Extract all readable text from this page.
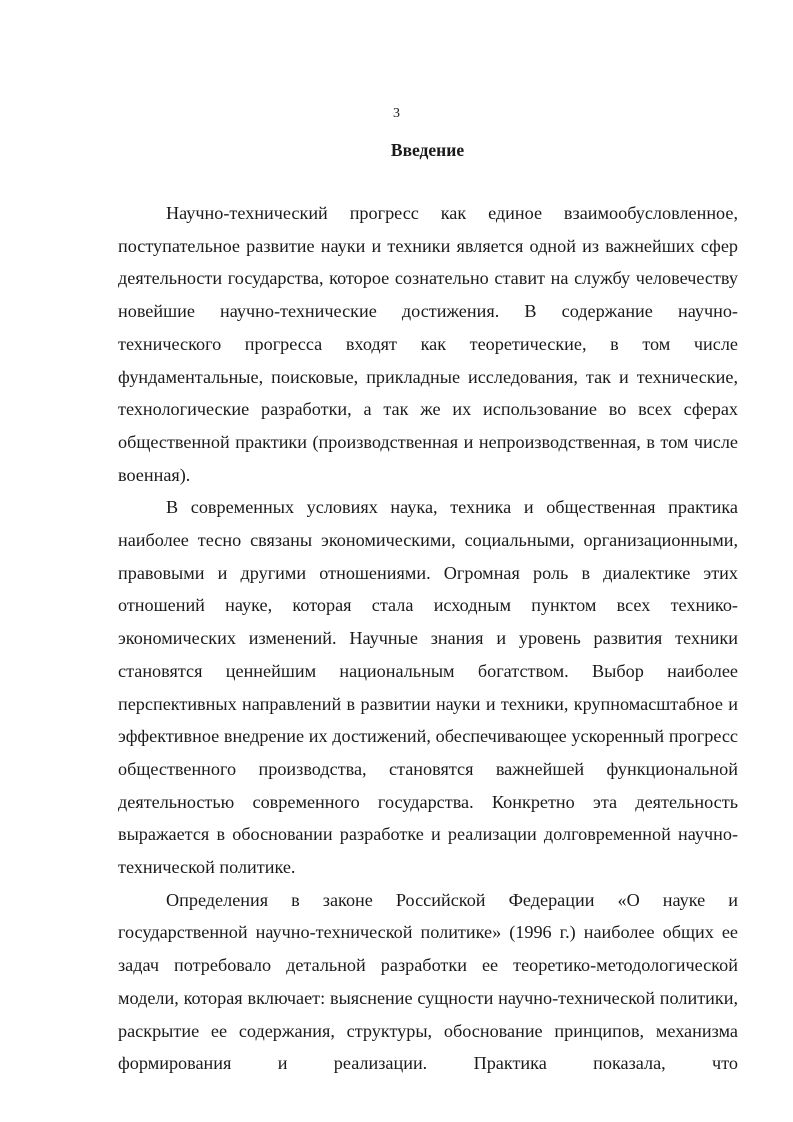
3
Введение

Научно-технический прогресс как единое взаимообусловленное, поступательное развитие науки и техники является одной из важнейших сфер деятельности государства, которое сознательно ставит на службу человечеству новейшие научно-технические достижения. В содержание научно-технического прогресса входят как теоретические, в том числе фундаментальные, поисковые, прикладные исследования, так и технические, технологические разработки, а так же их использование во всех сферах общественной практики (производственная и непроизводственная, в том числе военная).

В современных условиях наука, техника и общественная практика наиболее тесно связаны экономическими, социальными, организационными, правовыми и другими отношениями. Огромная роль в диалектике этих отношений науке, которая стала исходным пунктом всех технико-экономических изменений. Научные знания и уровень развития техники становятся ценнейшим национальным богатством. Выбор наиболее перспективных направлений в развитии науки и техники, крупномасштабное и эффективное внедрение их достижений, обеспечивающее ускоренный прогресс общественного производства, становятся важнейшей функциональной деятельностью современного государства. Конкретно эта деятельность выражается в обосновании разработке и реализации долговременной научно-технической политике.

Определения в законе Российской Федерации «О науке и государственной научно-технической политике» (1996 г.) наиболее общих ее задач потребовало детальной разработки ее теоретико-методологической модели, которая включает: выяснение сущности научно-технической политики, раскрытие ее содержания, структуры, обоснование принципов, механизма формирования и реализации. Практика показала, что
